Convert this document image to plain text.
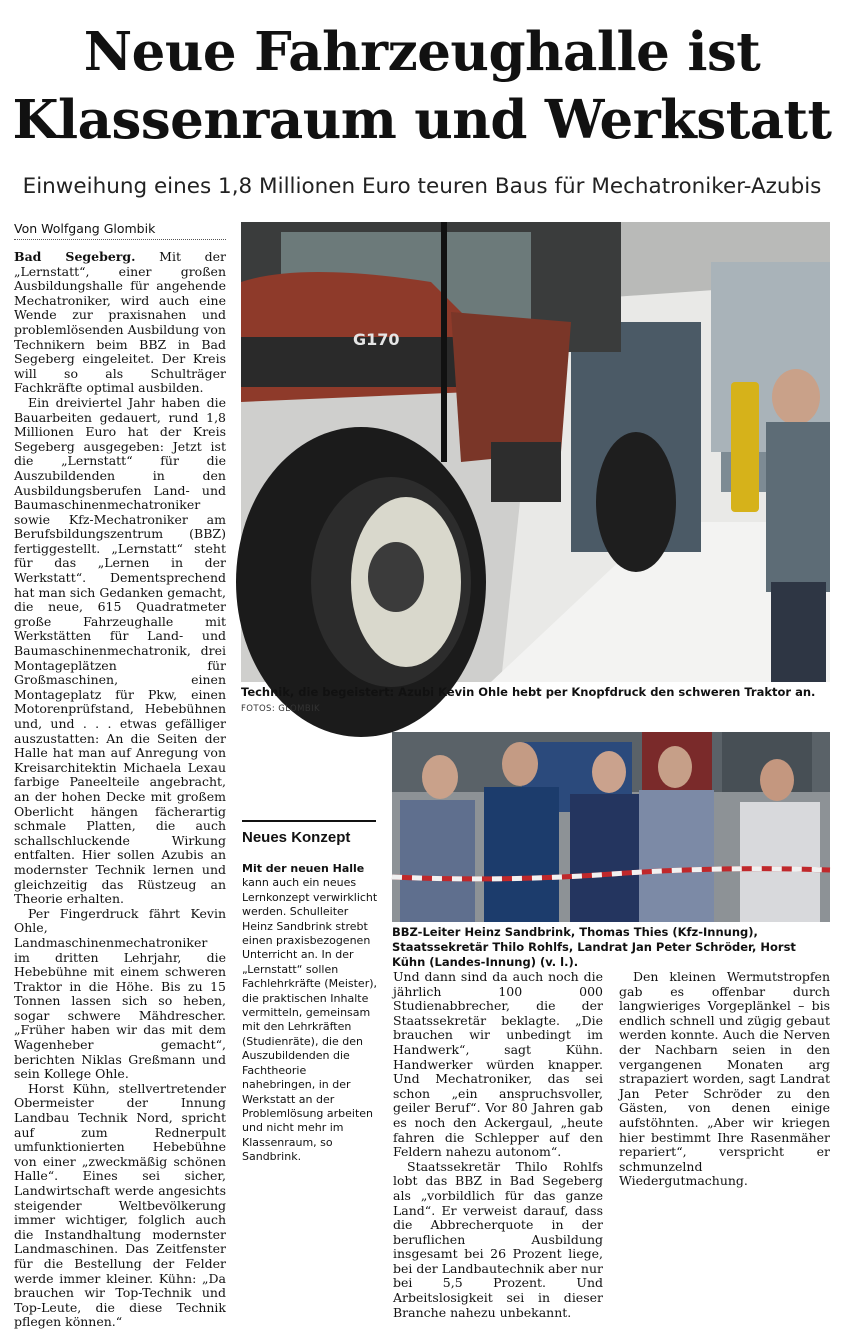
Neue Fahrzeughalle ist
Klassenraum und Werkstatt
Einweihung eines 1,8 Millionen Euro teuren Baus für Mechatroniker-Azubis
Von Wolfgang Glombik

Bad Segeberg. Mit der „Lernstatt“, einer großen Ausbildungshalle für angehende Mechatroniker, wird auch eine Wende zur praxisnahen und problemlösenden Ausbildung von Technikern beim BBZ in Bad Segeberg eingeleitet. Der Kreis will so als Schulträger Fachkräfte optimal ausbilden.

Ein dreiviertel Jahr haben die Bauarbeiten gedauert, rund 1,8 Millionen Euro hat der Kreis Segeberg ausgegeben: Jetzt ist die „Lernstatt“ für die Auszubildenden in den Ausbildungsberufen Land- und Baumaschinenmechatroniker sowie Kfz-Mechatroniker am Berufsbildungszentrum (BBZ) fertiggestellt. „Lernstatt“ steht für das „Lernen in der Werkstatt“. Dementsprechend hat man sich Gedanken gemacht, die neue, 615 Quadratmeter große Fahrzeughalle mit Werkstätten für Land- und Baumaschinenmechatronik, drei Montageplätzen für Großmaschinen, einen Montageplatz für Pkw, einen Motorenprüfstand, Hebebühnen und, und . . . etwas gefälliger auszustatten: An die Seiten der Halle hat man auf Anregung von Kreisarchitektin Michaela Lexau farbige Paneelteile angebracht, an der hohen Decke mit großem Oberlicht hängen fächerartig schmale Platten, die auch schallschluckende Wirkung entfalten. Hier sollen Azubis an modernster Technik lernen und gleichzeitig das Rüstzeug an Theorie erhalten.

Per Fingerdruck fährt Kevin Ohle, Landmaschinenmechatroniker im dritten Lehrjahr, die Hebebühne mit einem schweren Traktor in die Höhe. Bis zu 15 Tonnen lassen sich so heben, sogar schwere Mähdrescher. „Früher haben wir das mit dem Wagenheber gemacht“, berichten Niklas Greßmann und sein Kollege Ohle.

Horst Kühn, stellvertretender Obermeister der Innung Landbau Technik Nord, spricht auf zum Rednerpult umfunktionierten Hebebühne von einer „zweckmäßig schönen Halle“. Eines sei sicher, Landwirtschaft werde angesichts steigender Weltbevölkerung immer wichtiger, folglich auch die Instandhaltung modernster Landmaschinen. Das Zeitfenster für die Bestellung der Felder werde immer kleiner. Kühn: „Da brauchen wir Top-Technik und Top-Leute, die diese Technik pflegen können.“

G170
Technik, die begeistert: Azubi Kevin Ohle hebt per Knopfdruck den schweren Traktor an. FOTOS: GLOMBIK
BBZ-Leiter Heinz Sandbrink, Thomas Thies (Kfz-Innung), Staatssekretär Thilo Rohlfs, Landrat Jan Peter Schröder, Horst Kühn (Landes-Innung) (v. l.).
Neues Konzept
Mit der neuen Halle
kann auch ein neues Lernkonzept verwirklicht werden. Schulleiter Heinz Sandbrink strebt einen praxisbezogenen Unterricht an. In der „Lernstatt“ sollen Fachlehrkräfte (Meister), die praktischen Inhalte vermitteln, gemeinsam mit den Lehrkräften (Studienräte), die den Auszubildenden die Fachtheorie nahebringen, in der Werkstatt an der Problemlösung arbeiten und nicht mehr im Klassenraum, so Sandbrink.

Und dann sind da auch noch die jährlich 100 000 Studienabbrecher, die der Staatssekretär beklagte. „Die brauchen wir unbedingt im Handwerk“, sagt Kühn. Handwerker würden knapper. Und Mechatroniker, das sei schon „ein anspruchsvoller, geiler Beruf“. Vor 80 Jahren gab es noch den Ackergaul, „heute fahren die Schlepper auf den Feldern nahezu autonom“.

Staatssekretär Thilo Rohlfs lobt das BBZ in Bad Segeberg als „vorbildlich für das ganze Land“. Er verweist darauf, dass die Abbrecherquote in der beruflichen Ausbildung insgesamt bei 26 Prozent liege, bei der Landbautechnik aber nur bei 5,5 Prozent. Und Arbeitslosigkeit sei in dieser Branche nahezu unbekannt.

Den kleinen Wermutstropfen gab es offenbar durch langwieriges Vorgeplänkel – bis endlich schnell und zügig gebaut werden konnte. Auch die Nerven der Nachbarn seien in den vergangenen Monaten arg strapaziert worden, sagt Landrat Jan Peter Schröder zu den Gästen, von denen einige aufstöhnten. „Aber wir kriegen hier bestimmt Ihre Rasenmäher repariert“, verspricht er schmunzelnd Wiedergutmachung.
